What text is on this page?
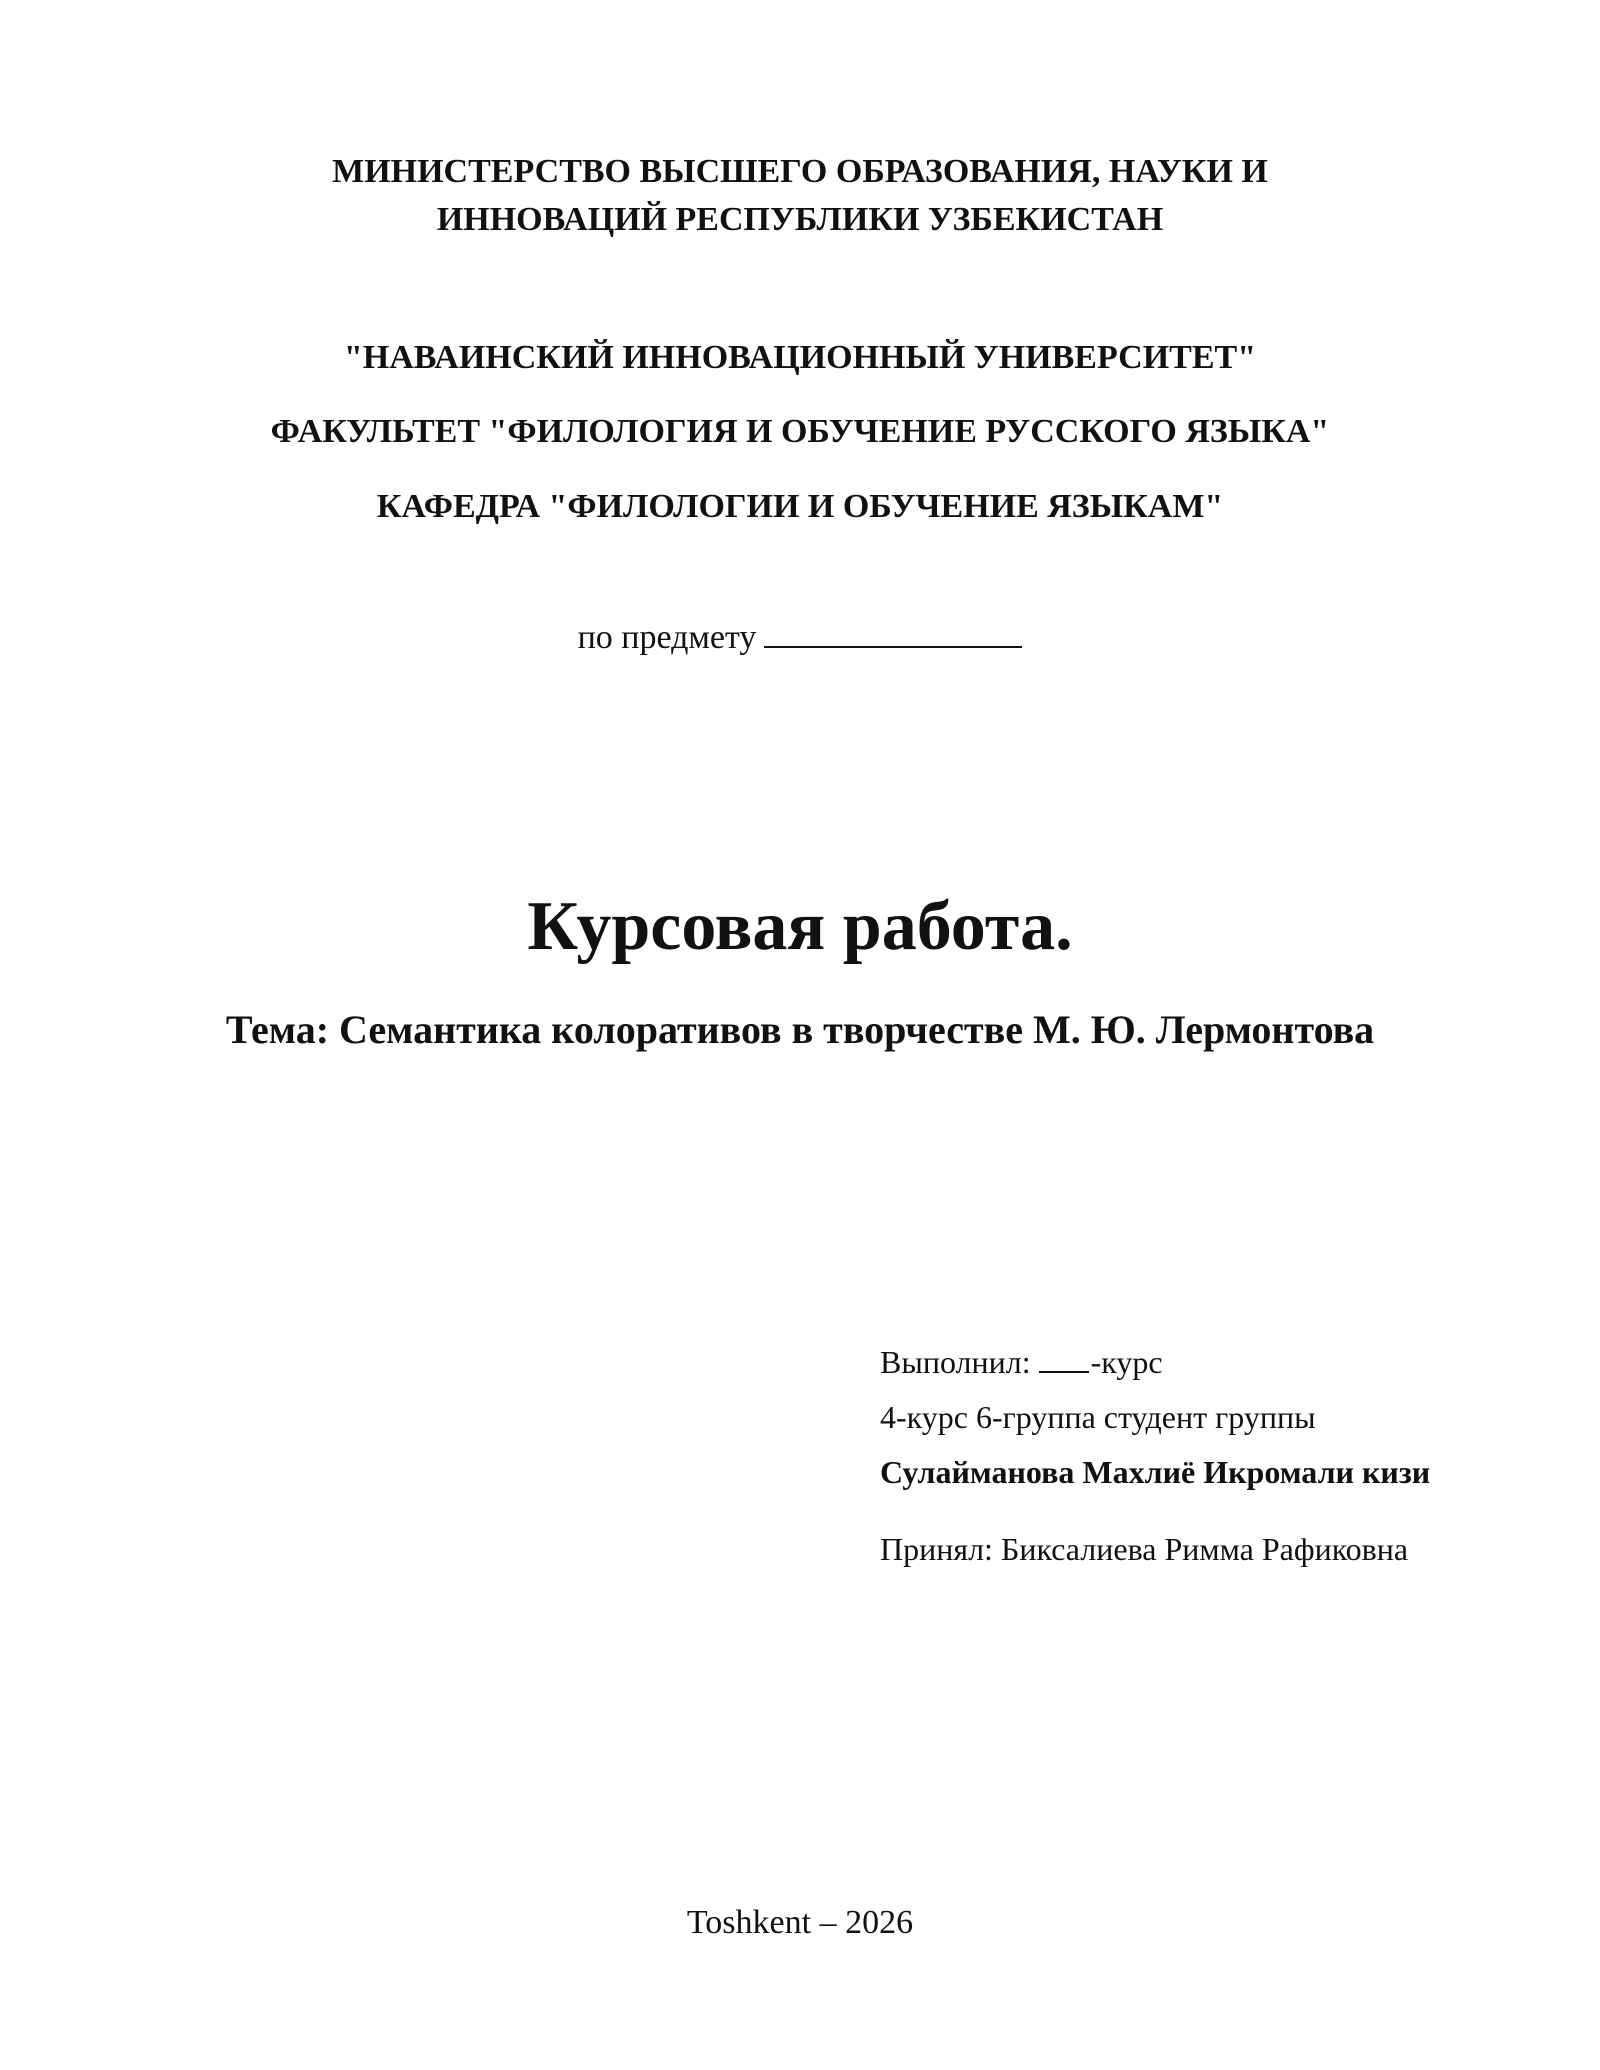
МИНИСТЕРСТВО ВЫСШЕГО ОБРАЗОВАНИЯ, НАУКИ И
ИННОВАЦИЙ РЕСПУБЛИКИ УЗБЕКИСТАН
"НАВАИНСКИЙ ИННОВАЦИОННЫЙ УНИВЕРСИТЕТ"
ФАКУЛЬТЕТ "ФИЛОЛОГИЯ И ОБУЧЕНИЕ РУССКОГО ЯЗЫКА"
КАФЕДРА "ФИЛОЛОГИИ И ОБУЧЕНИЕ ЯЗЫКАМ"
по предмету
Курсовая работа.
Тема: Семантика колоративов в творчестве М. Ю. Лермонтова
Выполнил: -курс
4-курс 6-группа студент группы
Сулайманова Махлиё Икромали кизи
Принял: Биксалиева Римма Рафиковна
Toshkent – 2026
